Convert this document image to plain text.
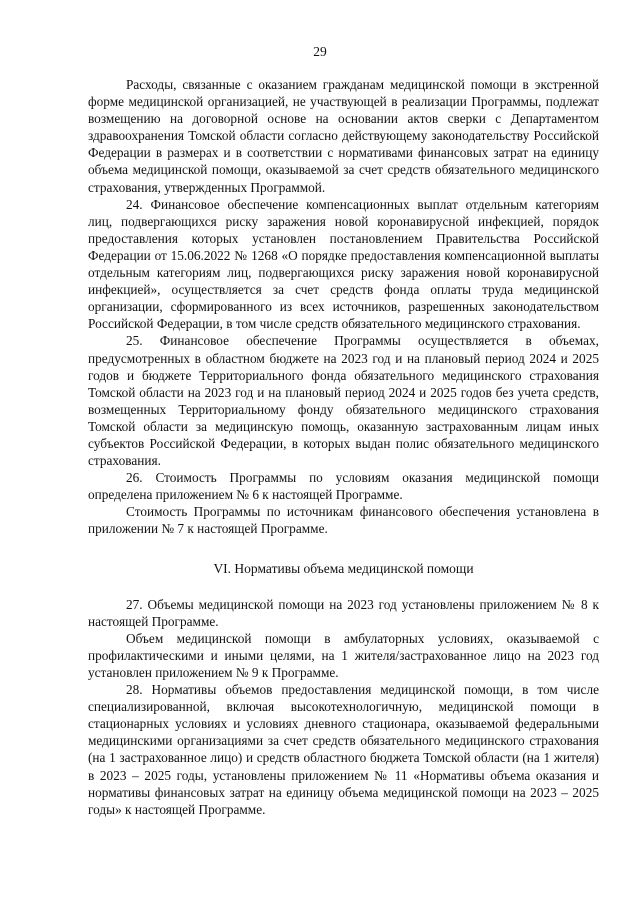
29

Расходы, связанные с оказанием гражданам медицинской помощи в экстренной форме медицинской организацией, не участвующей в реализации Программы, подлежат возмещению на договорной основе на основании актов сверки с Департаментом здравоохранения Томской области согласно действующему законодательству Российской Федерации в размерах и в соответствии с нормативами финансовых затрат на единицу объема медицинской помощи, оказываемой за счет средств обязательного медицинского страхования, утвержденных Программой.

24. Финансовое обеспечение компенсационных выплат отдельным категориям лиц, подвергающихся риску заражения новой коронавирусной инфекцией, порядок предоставления которых установлен постановлением Правительства Российской Федерации от 15.06.2022 № 1268 «О порядке предоставления компенсационной выплаты отдельным категориям лиц, подвергающихся риску заражения новой коронавирусной инфекцией», осуществляется за счет средств фонда оплаты труда медицинской организации, сформированного из всех источников, разрешенных законодательством Российской Федерации, в том числе средств обязательного медицинского страхования.

25. Финансовое обеспечение Программы осуществляется в объемах, предусмотренных в областном бюджете на 2023 год и на плановый период 2024 и 2025 годов и бюджете Территориального фонда обязательного медицинского страхования Томской области на 2023 год и на плановый период 2024 и 2025 годов без учета средств, возмещенных Территориальному фонду обязательного медицинского страхования Томской области за медицинскую помощь, оказанную застрахованным лицам иных субъектов Российской Федерации, в которых выдан полис обязательного медицинского страхования.

26. Стоимость Программы по условиям оказания медицинской помощи определена приложением № 6 к настоящей Программе.

Стоимость Программы по источникам финансового обеспечения установлена в приложении № 7 к настоящей Программе.

VI. Нормативы объема медицинской помощи

27. Объемы медицинской помощи на 2023 год установлены приложением № 8 к настоящей Программе.

Объем медицинской помощи в амбулаторных условиях, оказываемой с профилактическими и иными целями, на 1 жителя/застрахованное лицо на 2023 год установлен приложением № 9 к Программе.

28. Нормативы объемов предоставления медицинской помощи, в том числе специализированной, включая высокотехнологичную, медицинской помощи в стационарных условиях и условиях дневного стационара, оказываемой федеральными медицинскими организациями за счет средств обязательного медицинского страхования (на 1 застрахованное лицо) и средств областного бюджета Томской области (на 1 жителя) в 2023 – 2025 годы, установлены приложением № 11 «Нормативы объема оказания и нормативы финансовых затрат на единицу объема медицинской помощи на 2023 – 2025 годы» к настоящей Программе.
